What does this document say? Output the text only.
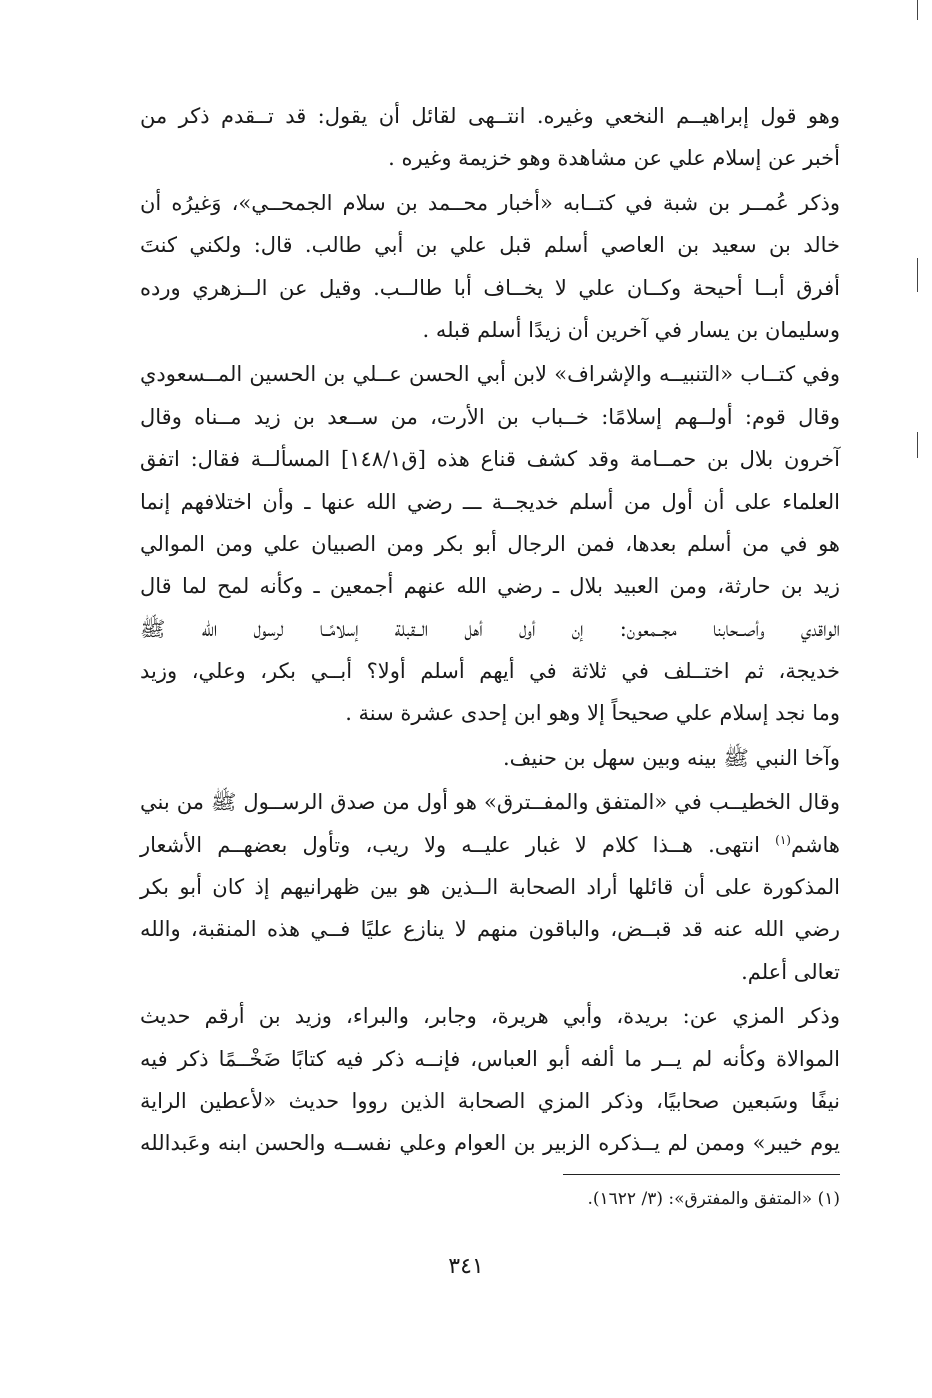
وهو قول إبراهيــم النخعي وغيره. انتــهى لقائل أن يقول: قد تــقدم ذكر من
أخبر عن إسلام علي عن مشاهدة وهو خزيمة وغيره .
وذكر عُمــر بن شبة في كتــابه «أخبار محــمد بن سلام الجمحــي»، وَغيرُه أن
خالد بن سعيد بن العاصي أسلم قبل علي بن أبي طالب. قال: ولكني كنتَ
أفرق أبــا أحيحة وكــان علي لا يخــاف أبا طالــب. وقيل عن الــزهري ورده
وسليمان بن يسار في آخرين أن زيدًا أسلم قبله .
وفي كتــاب «التنبيــه والإشراف» لابن أبي الحسن عــلي بن الحسين المــسعودي
وقال قوم: أولــهم إسلامًا: خــباب بن الأرت، من ســعد بن زيد مــناه وقال
آخرون بلال بن حمــامة وقد كشف قناع هذه [ق١٤٨/١] المسألــة فقال: اتفق
العلماء على أن أول من أسلم خديجــة ـــ رضي الله عنها ـ وأن اختلافهم إنما
هو في من أسلم بعدها، فمن الرجال أبو بكر ومن الصبيان علي ومن الموالي
زيد بن حارثة، ومن العبيد بلال ـ رضي الله عنهم أجمعين ـ وكأنه لمح لما قال
الواقدي وأصــحابنا مجــمعون: إن أول أهل الــقبلة إسلامًــا لرسول الله ﷺ
خديجة، ثم اختــلف في ثلاثة في أيهم أسلم أولا؟ أبــي بكر، وعلي، وزيد
وما نجد إسلام علي صحيحاً إلا وهو ابن إحدى عشرة سنة .
وآخا النبي ﷺ بينه وبين سهل بن حنيف.
وقال الخطيــب في «المتفق والمفــترق» هو أول من صدق الرســول ﷺ من بني
هاشم$^{(١)}$ انتهى. هــذا كلام لا غبار عليــه ولا ريب، وتأول بعضهــم الأشعار
المذكورة على أن قائلها أراد الصحابة الــذين هو بين ظهرانيهم إذ كان أبو بكر
رضي الله عنه قد قبــض، والباقون منهم لا ينازع عليًا فــي هذه المنقبة، والله
تعالى أعلم.
وذكر المزي عن: بريدة، وأبي هريرة، وجابر، والبراء، وزيد بن أرقم حديث
الموالاة وكأنه لم يــر ما ألفه أبو العباس، فإنــه ذكر فيه كتابًا ضَخْــمًا ذكر فيه
نيفًا وسَبعين صحابيًا، وذكر المزي الصحابة الذين رووا حديث «لأعطين الراية
يوم خيبر» وممن لم يــذكره الزبير بن العوام وعلي نفســه والحسن ابنه وعَبدالله
(١) «المتفق والمفترق»: (٣/ ١٦٢٢).
٣٤١
